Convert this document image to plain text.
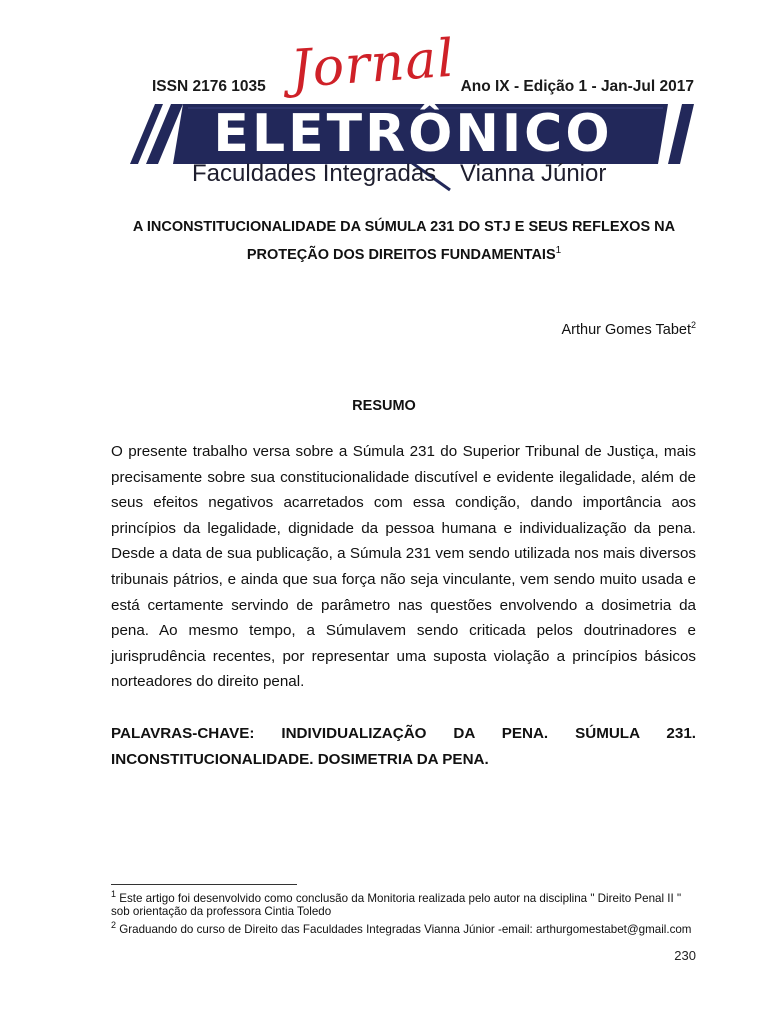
ISSN 2176 1035 Jornal Ano IX - Edição 1 - Jan-Jul 2017
ELETRÔNICO
Faculdades Integradas Vianna Júnior
A INCONSTITUCIONALIDADE DA SÚMULA 231 DO STJ E SEUS REFLEXOS NA
PROTEÇÃO DOS DIREITOS FUNDAMENTAIS$^1$
Arthur Gomes Tabet$^2$
RESUMO
O presente trabalho versa sobre a Súmula 231 do Superior Tribunal de Justiça, mais precisamente sobre sua constitucionalidade discutível e evidente ilegalidade, além de seus efeitos negativos acarretados com essa condição, dando importância aos princípios da legalidade, dignidade da pessoa humana e individualização da pena. Desde a data de sua publicação, a Súmula 231 vem sendo utilizada nos mais diversos tribunais pátrios, e ainda que sua força não seja vinculante, vem sendo muito usada e está certamente servindo de parâmetro nas questões envolvendo a dosimetria da pena. Ao mesmo tempo, a Súmulavem sendo criticada pelos doutrinadores e jurisprudência recentes, por representar uma suposta violação a princípios básicos norteadores do direito penal.
PALAVRAS-CHAVE: INDIVIDUALIZAÇÃO DA PENA. SÚMULA 231. INCONSTITUCIONALIDADE. DOSIMETRIA DA PENA.
$^1$ Este artigo foi desenvolvido como conclusão da Monitoria realizada pelo autor na disciplina " Direito Penal II " sob orientação da professora Cintia Toledo
$^2$ Graduando do curso de Direito das Faculdades Integradas Vianna Júnior -email: arthurgomestabet@gmail.com
230
